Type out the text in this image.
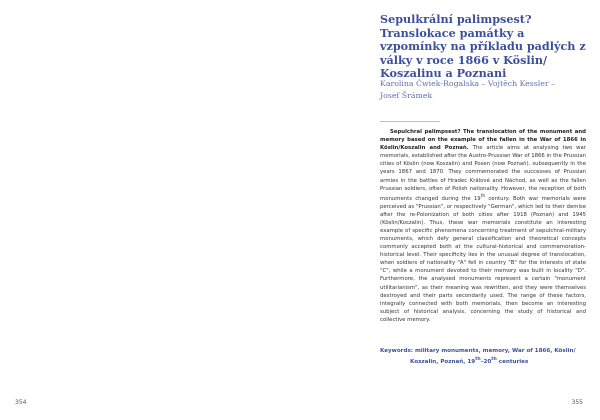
354
Sepulkrální palimpsest? Translokace památky a vzpomínky na příkladu padlých z války v roce 1866 v Köslin/ Koszalinu a Poznani
Karolina Ćwiek-Rogalska – Vojtěch Kessler –
Josef Šrámek

Sepulchral palimpsest? The translocation of the monument and memory based on the example of the fallen in the War of 1866 in Köslin/Koszalin and Poznań. The article aims at analysing two war memorials, established after the Austro-Prussian War of 1866 in the Prussian cities of Köslin (now Koszalin) and Posen (now Poznań), subsequently in the years 1867 and 1870. They commemorated the successes of Prussian armies in the battles of Hradec Králové and Náchod, as well as the fallen Prussian soldiers, often of Polish nationality. However, the reception of both monuments changed during the 19th century. Both war memorials were perceived as "Prussian", or respectively "German", which led to their demise after the re-Polonization of both cities after 1918 (Poznań) and 1945 (Köslin/Koszalin). Thus, these war memorials constitute an interesting example of specific phenomena concerning treatment of sepulchral-military monuments, which defy general classification and theoretical concepts commonly accepted both at the cultural-historical and commemoration-historical level. Their specificity lies in the unusual degree of translocation, when soldiers of nationality "A" fell in country "B" for the interests of state "C", while a monument devoted to their memory was built in locality "D". Furthermore, the analysed monuments represent a certain "monument utilitarianism", as their meaning was rewritten, and they were themselves destroyed and their parts secondarily used. The range of these factors, integrally connected with both memorials, then become an interesting subject of historical analysis, concerning the study of historical and collective memory.

Keywords: military monuments, memory, War of 1866, Köslin/
Koszalin, Poznań, 19th–20th centuries

355
